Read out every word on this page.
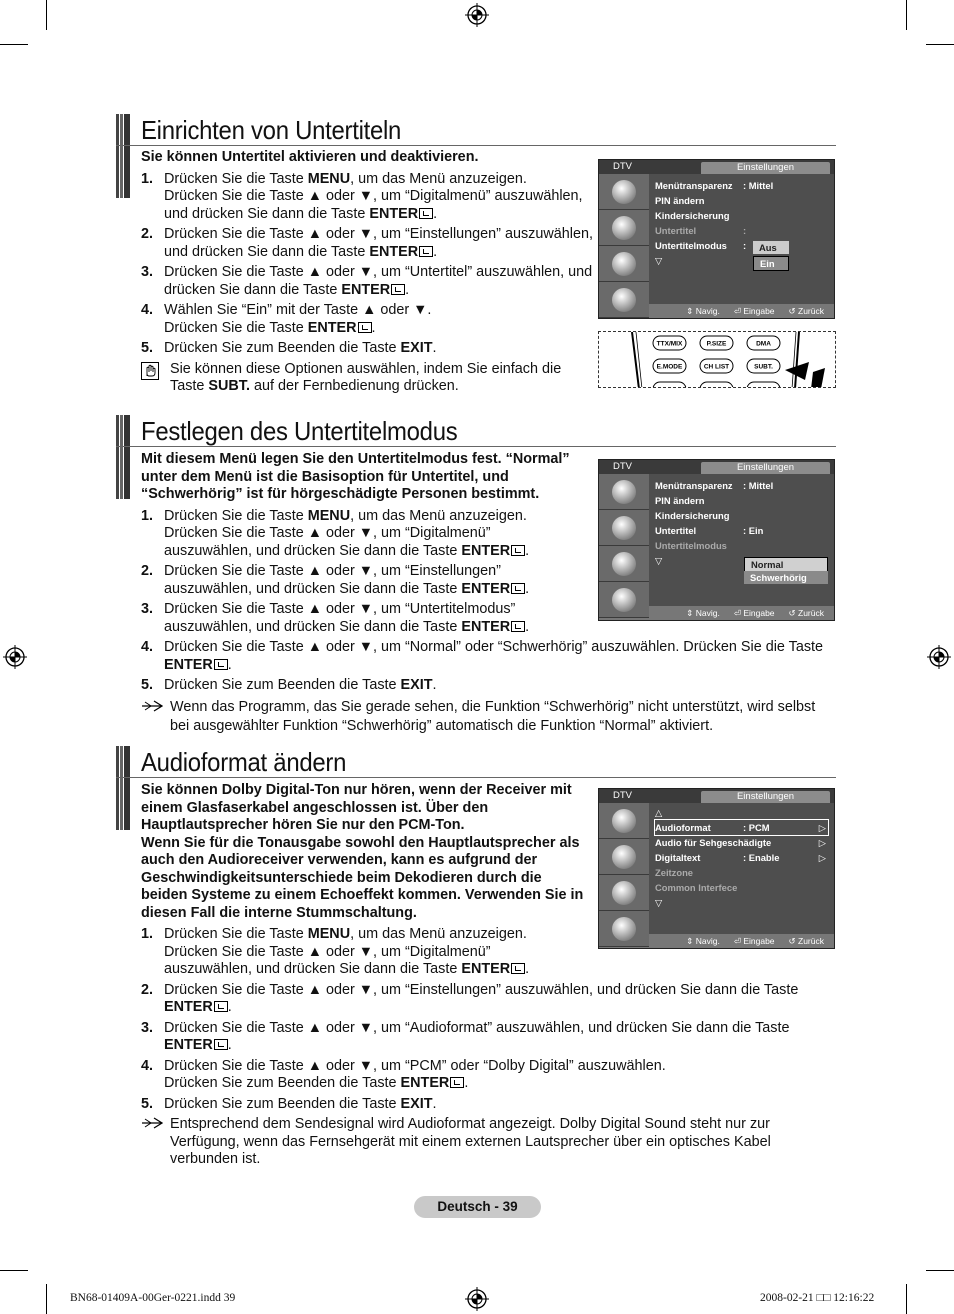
Einrichten von Untertiteln

Sie können Untertitel aktivieren und deaktivieren.

1. Drücken Sie die Taste MENU, um das Menü anzuzeigen.
Drücken Sie die Taste ▲ oder ▼, um “Digitalmenü” auszuwählen, und drücken Sie dann die Taste ENTER .
2. Drücken Sie die Taste ▲ oder ▼, um “Einstellungen” auszuwählen, und drücken Sie dann die Taste ENTER .
3. Drücken Sie die Taste ▲ oder ▼, um “Untertitel” auszuwählen, und drücken Sie dann die Taste ENTER .
4. Wählen Sie “Ein” mit der Taste ▲ oder ▼.
Drücken Sie die Taste ENTER .
5. Drücken Sie zum Beenden die Taste EXIT.

Sie können diese Optionen auswählen, indem Sie einfach die Taste SUBT. auf der Fernbedienung drücken.

DTV	Einstellungen
Menütransparenz : Mittel
PIN ändern
Kindersicherung
Untertitel	:
Untertitelmodus :
▽
Aus
Ein
⇕ Navig. ⏎ Eingabe ↺ Zurück
TTX/MIX	P.SIZE	DMA
E.MODE	CH LIST	SUBT.
Festlegen des Untertitelmodus

Mit diesem Menü legen Sie den Untertitelmodus fest. “Normal” unter dem Menü ist die Basisoption für Untertitel, und “Schwerhörig” ist für hörgeschädigte Personen bestimmt.

1. Drücken Sie die Taste MENU, um das Menü anzuzeigen.
Drücken Sie die Taste ▲ oder ▼, um “Digitalmenü” auszuwählen, und drücken Sie dann die Taste ENTER .
2. Drücken Sie die Taste ▲ oder ▼, um “Einstellungen” auszuwählen, und drücken Sie dann die Taste ENTER .
3. Drücken Sie die Taste ▲ oder ▼, um “Untertitelmodus” auszuwählen, und drücken Sie dann die Taste ENTER .
4. Drücken Sie die Taste ▲ oder ▼, um “Normal” oder “Schwerhörig” auszuwählen. Drücken Sie die Taste ENTER .
5. Drücken Sie zum Beenden die Taste EXIT.

Wenn das Programm, das Sie gerade sehen, die Funktion “Schwerhörig” nicht unterstützt, wird selbst bei ausgewählter Funktion “Schwerhörig” automatisch die Funktion “Normal” aktiviert.

DTV	Einstellungen
Menütransparenz : Mittel
PIN ändern
Kindersicherung
Untertitel	: Ein
Untertitelmodus
▽	Normal
Schwerhörig
⇕ Navig. ⏎ Eingabe ↺ Zurück
Audioformat ändern

Sie können Dolby Digital-Ton nur hören, wenn der Receiver mit einem Glasfaserkabel angeschlossen ist. Über den Hauptlautsprecher hören Sie nur den PCM-Ton.

Wenn Sie für die Tonausgabe sowohl den Hauptlautsprecher als auch den Audioreceiver verwenden, kann es aufgrund der Geschwindigkeitsunterschiede beim Dekodieren durch die beiden Systeme zu einem Echoeffekt kommen. Verwenden Sie in diesen Fall die interne Stummschaltung.

1. Drücken Sie die Taste MENU, um das Menü anzuzeigen.
Drücken Sie die Taste ▲ oder ▼, um “Digitalmenü” auszuwählen, und drücken Sie dann die Taste ENTER .
2. Drücken Sie die Taste ▲ oder ▼, um “Einstellungen” auszuwählen, und drücken Sie dann die Taste ENTER .
3. Drücken Sie die Taste ▲ oder ▼, um “Audioformat” auszuwählen, und drücken Sie dann die Taste ENTER .
4. Drücken Sie die Taste ▲ oder ▼, um “PCM” oder “Dolby Digital” auszuwählen.
Drücken Sie zum Beenden die Taste ENTER .
5. Drücken Sie zum Beenden die Taste EXIT.

Entsprechend dem Sendesignal wird Audioformat angezeigt. Dolby Digital Sound steht nur zur Verfügung, wenn das Fernsehgerät mit einem externen Lautsprecher über ein optisches Kabel verbunden ist.

DTV	Einstellungen
△
Audioformat	: PCM	▷
Audio für Sehgeschädigte	▷
Digitaltext	: Enable	▷
Zeitzone
Common Interfece
▽
⇕ Navig. ⏎ Eingabe ↺ Zurück
Deutsch - 39
BN68-01409A-00Ger-0221.indd 39	2008-02-21 □□ 12:16:22
